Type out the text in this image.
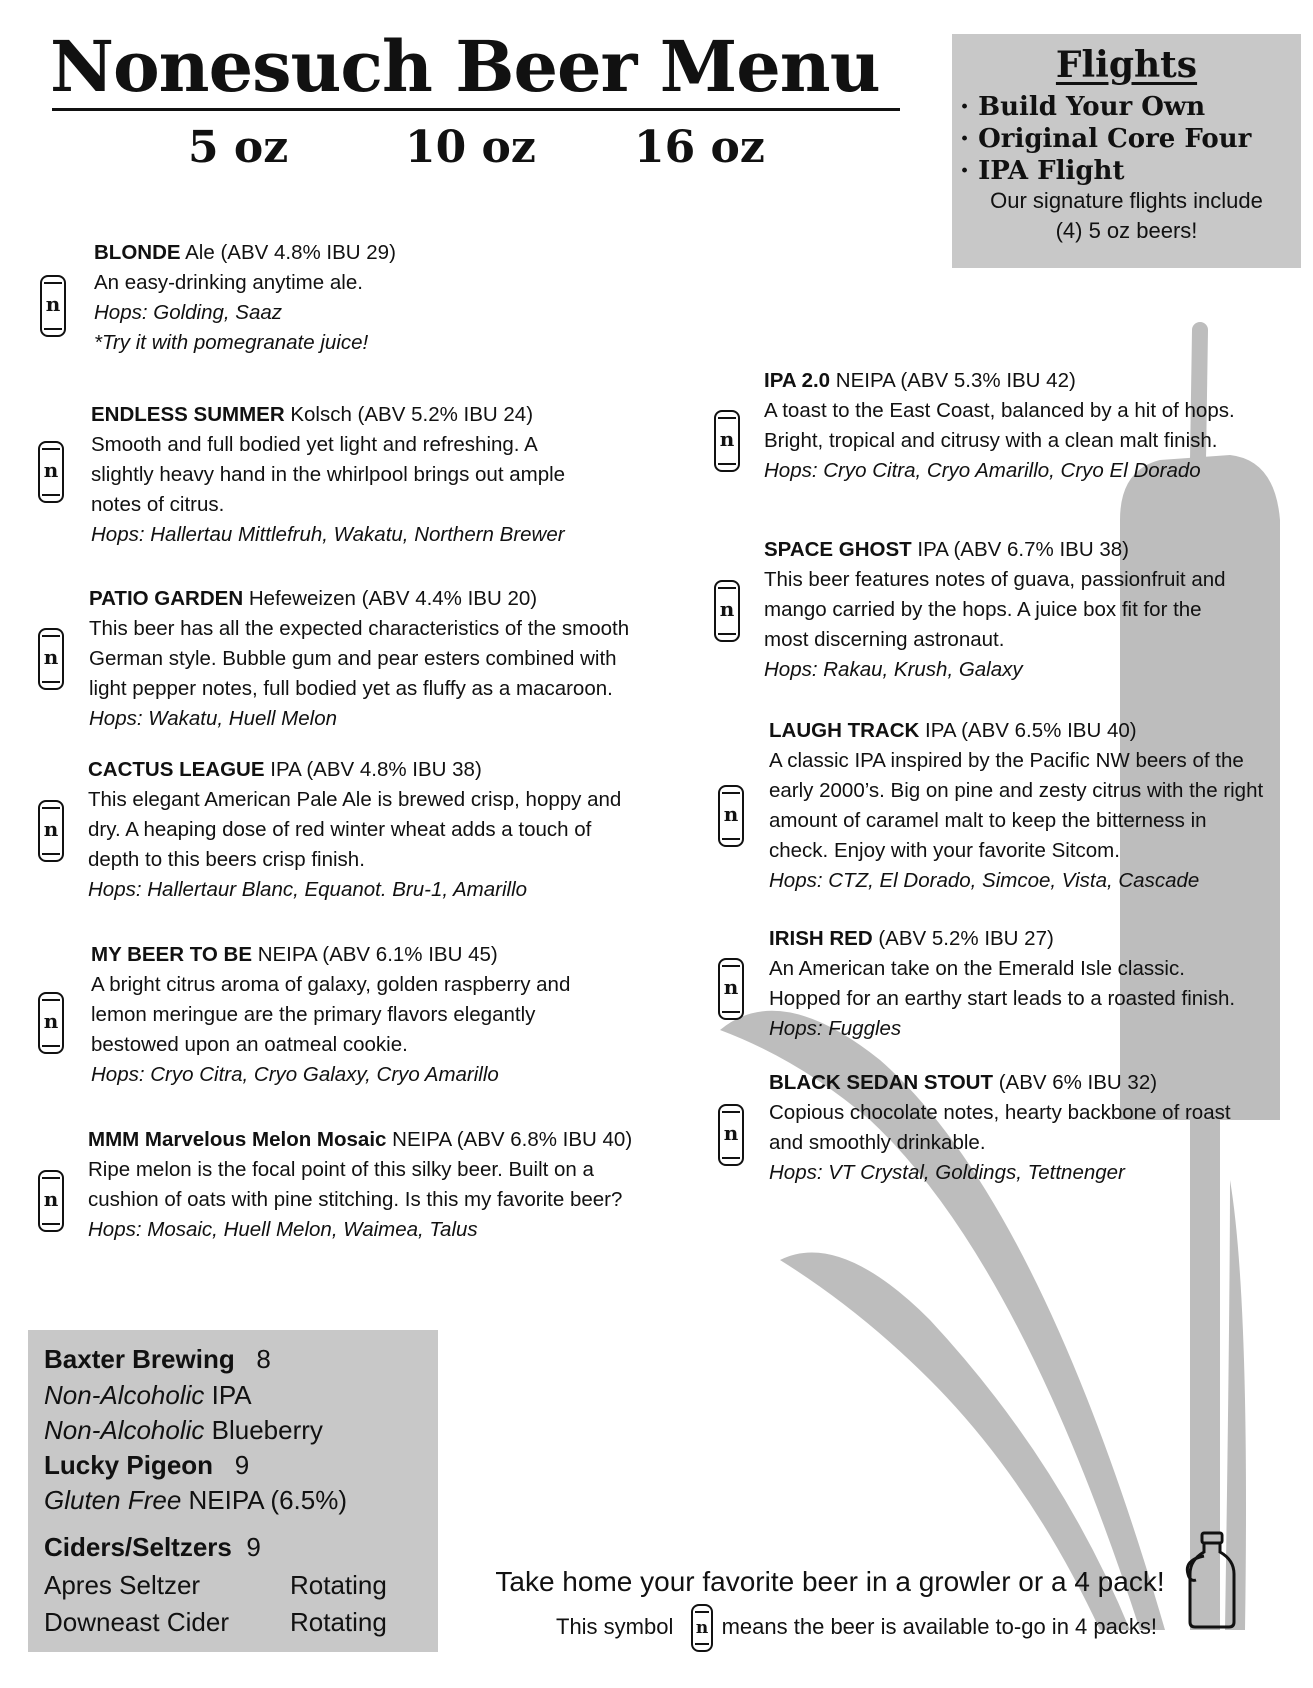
Nonesuch Beer Menu
5 oz	10 oz 16 oz
Flights
· Build Your Own
· Original Core Four
· IPA Flight
Our signature flights include
(4) 5 oz beers!
n
BLONDE Ale (ABV 4.8% IBU 29)
An easy-drinking anytime ale.
Hops: Golding, Saaz
*Try it with pomegranate juice!
n
ENDLESS SUMMER Kolsch (ABV 5.2% IBU 24)
Smooth and full bodied yet light and refreshing. A
slightly heavy hand in the whirlpool brings out ample
notes of citrus.
Hops: Hallertau Mittlefruh, Wakatu, Northern Brewer
n
PATIO GARDEN Hefeweizen (ABV 4.4% IBU 20)
This beer has all the expected characteristics of the smooth
German style. Bubble gum and pear esters combined with
light pepper notes, full bodied yet as fluffy as a macaroon.
Hops: Wakatu, Huell Melon
n
CACTUS LEAGUE IPA (ABV 4.8% IBU 38)
This elegant American Pale Ale is brewed crisp, hoppy and
dry. A heaping dose of red winter wheat adds a touch of
depth to this beers crisp finish.
Hops: Hallertaur Blanc, Equanot. Bru-1, Amarillo
n
MY BEER TO BE NEIPA (ABV 6.1% IBU 45)
A bright citrus aroma of galaxy, golden raspberry and
lemon meringue are the primary flavors elegantly
bestowed upon an oatmeal cookie.
Hops: Cryo Citra, Cryo Galaxy, Cryo Amarillo
n
MMM Marvelous Melon Mosaic NEIPA (ABV 6.8% IBU 40)
Ripe melon is the focal point of this silky beer. Built on a
cushion of oats with pine stitching. Is this my favorite beer?
Hops: Mosaic, Huell Melon, Waimea, Talus
n
IPA 2.0 NEIPA (ABV 5.3% IBU 42)
A toast to the East Coast, balanced by a hit of hops.
Bright, tropical and citrusy with a clean malt finish.
Hops: Cryo Citra, Cryo Amarillo, Cryo El Dorado
n
SPACE GHOST IPA (ABV 6.7% IBU 38)
This beer features notes of guava, passionfruit and
mango carried by the hops. A juice box fit for the
most discerning astronaut.
Hops: Rakau, Krush, Galaxy
n
LAUGH TRACK IPA (ABV 6.5% IBU 40)
A classic IPA inspired by the Pacific NW beers of the
early 2000’s. Big on pine and zesty citrus with the right
amount of caramel malt to keep the bitterness in
check. Enjoy with your favorite Sitcom.
Hops: CTZ, El Dorado, Simcoe, Vista, Cascade
n
IRISH RED (ABV 5.2% IBU 27)
An American take on the Emerald Isle classic.
Hopped for an earthy start leads to a roasted finish.
Hops: Fuggles
n
BLACK SEDAN STOUT (ABV 6% IBU 32)
Copious chocolate notes, hearty backbone of roast
and smoothly drinkable.
Hops: VT Crystal, Goldings, Tettnenger
Baxter Brewing 8
Non-Alcoholic IPA
Non-Alcoholic Blueberry
Lucky Pigeon 9
Gluten Free NEIPA (6.5%)
Ciders/Seltzers 9
Apres Seltzer	Rotating
Downeast Cider Rotating
Take home your favorite beer in a growler or a 4 pack!
This symbol means the beer is available to-go in 4 packs!
n
